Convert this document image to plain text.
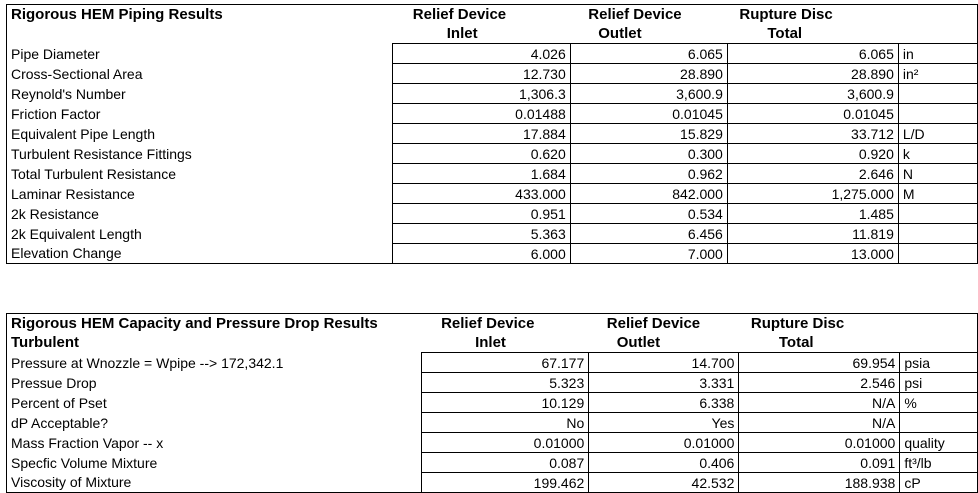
Rigorous HEM Piping Results	Relief Device	Relief Device	Rupture Disc	
	Inlet	Outlet	Total	
Pipe Diameter	4.026	6.065	6.065	in
Cross-Sectional Area	12.730	28.890	28.890	in²
Reynold's Number	1,306.3	3,600.9	3,600.9	
Friction Factor	0.01488	0.01045	0.01045	
Equivalent Pipe Length	17.884	15.829	33.712	L/D
Turbulent Resistance Fittings	0.620	0.300	0.920	k
Total Turbulent Resistance	1.684	0.962	2.646	N
Laminar Resistance	433.000	842.000	1,275.000	M
2k Resistance	0.951	0.534	1.485	
2k Equivalent Length	5.363	6.456	11.819	
Elevation Change	6.000	7.000	13.000	
Rigorous HEM Capacity and Pressure Drop Results	Relief Device	Relief Device	Rupture Disc	
Turbulent	Inlet	Outlet	Total	
Pressure at Wnozzle = Wpipe --> 172,342.1	67.177	14.700	69.954	psia
Pressue Drop	5.323	3.331	2.546	psi
Percent of Pset	10.129	6.338	N/A	%
dP Acceptable?	No	Yes	N/A	
Mass Fraction Vapor -- x	0.01000	0.01000	0.01000	quality
Specfic Volume Mixture	0.087	0.406	0.091	ft³/lb
Viscosity of Mixture	199.462	42.532	188.938	cP
